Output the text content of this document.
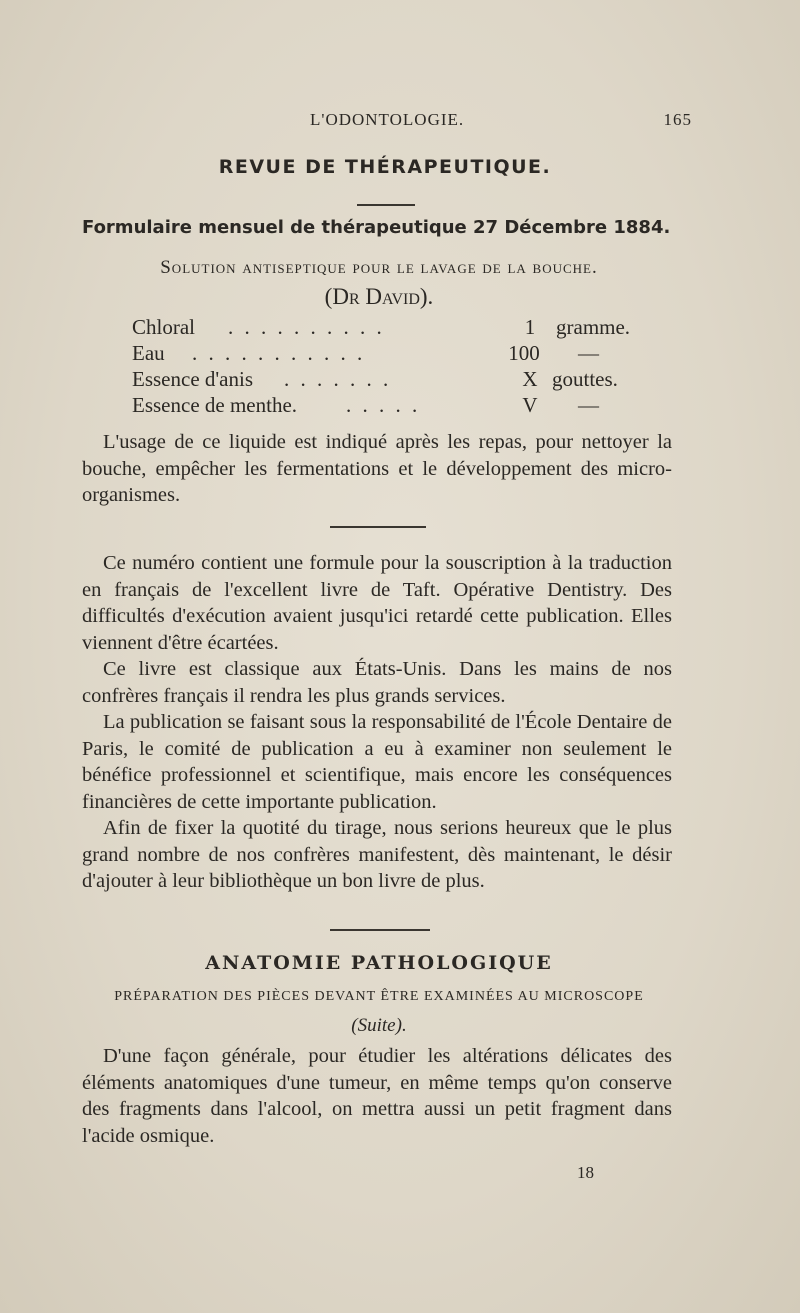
L'ODONTOLOGIE.	165
REVUE DE THÉRAPEUTIQUE.
Formulaire mensuel de thérapeutique 27 Décembre 1884.
Solution antiseptique pour le lavage de la bouche.
(Dr David).
Chloral . . . . . . . . . .	1 gramme.
Eau . . . . . . . . . . .	100 —
Essence d'anis . . . . . . .	X gouttes.
Essence de menthe. . . . . .	V	—

L'usage de ce liquide est indiqué après les repas, pour nettoyer la bouche, empêcher les fermentations et le développement des micro-organismes.

Ce numéro contient une formule pour la souscription à la traduction en français de l'excellent livre de Taft. Opérative Dentistry. Des difficultés d'exécution avaient jusqu'ici retardé cette publication. Elles viennent d'être écartées.

Ce livre est classique aux États-Unis. Dans les mains de nos confrères français il rendra les plus grands services.

La publication se faisant sous la responsabilité de l'École Dentaire de Paris, le comité de publication a eu à examiner non seulement le bénéfice professionnel et scientifique, mais encore les conséquences financières de cette importante publication.

Afin de fixer la quotité du tirage, nous serions heureux que le plus grand nombre de nos confrères manifestent, dès maintenant, le désir d'ajouter à leur bibliothèque un bon livre de plus.

ANATOMIE PATHOLOGIQUE
PRÉPARATION DES PIÈCES DEVANT ÊTRE EXAMINÉES AU MICROSCOPE
(Suite).

D'une façon générale, pour étudier les altérations délicates des éléments anatomiques d'une tumeur, en même temps qu'on conserve des fragments dans l'alcool, on mettra aussi un petit fragment dans l'acide osmique.

18
